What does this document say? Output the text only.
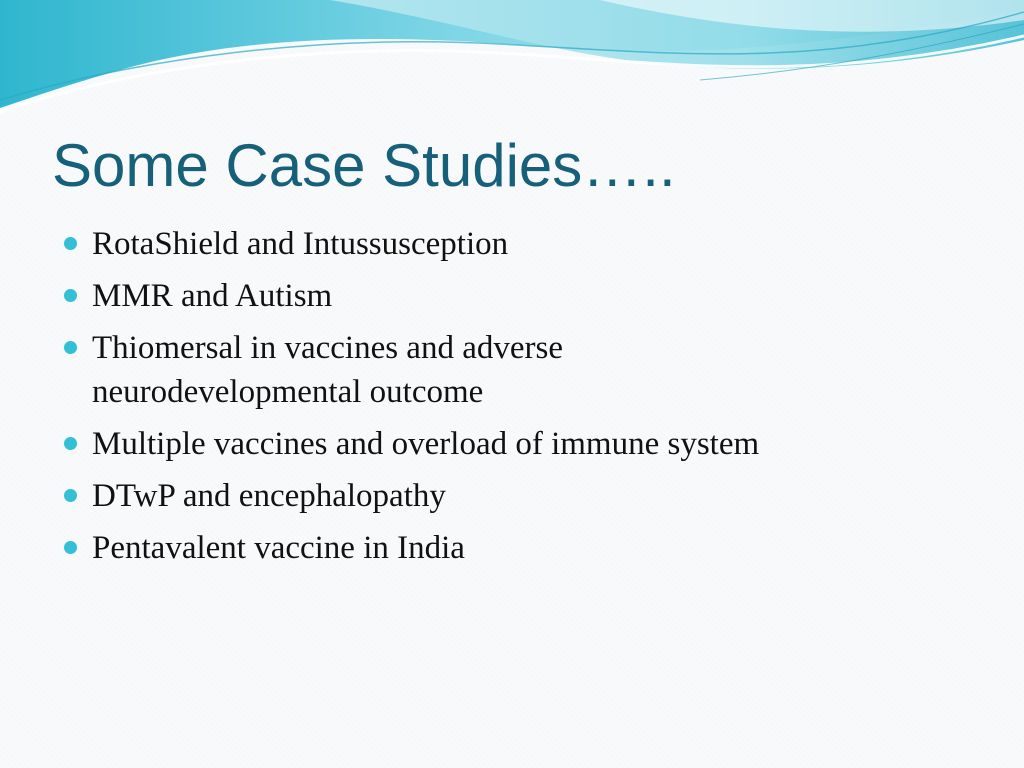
Some Case Studies…..
RotaShield and Intussusception
MMR and Autism
Thiomersal in vaccines and adverse neurodevelopmental outcome
Multiple vaccines and overload of immune system
DTwP and encephalopathy
Pentavalent vaccine in India
